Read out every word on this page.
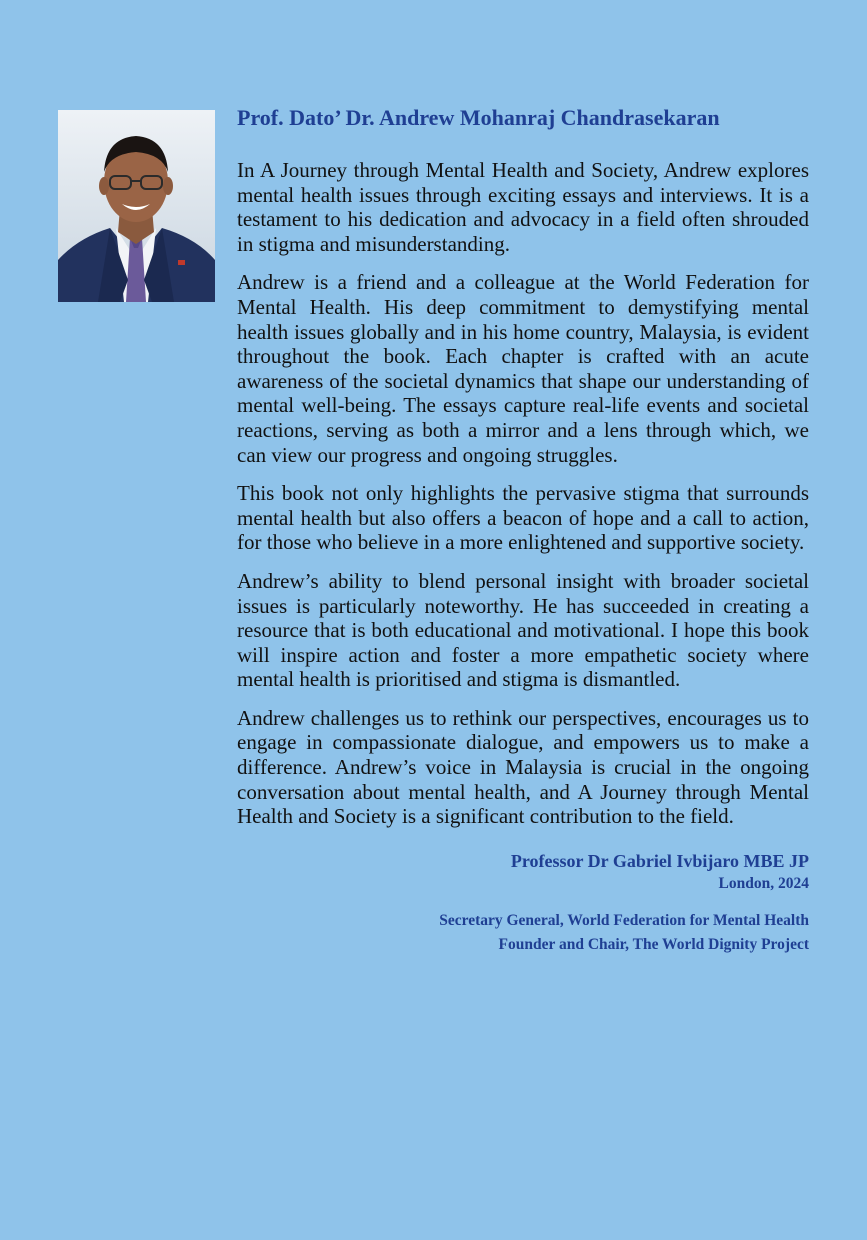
Prof. Dato’ Dr. Andrew Mohanraj Chandrasekaran

In A Journey through Mental Health and Society, Andrew explores mental health issues through exciting essays and interviews. It is a testament to his dedication and advocacy in a field often shrouded in stigma and misunderstanding.

Andrew is a friend and a colleague at the World Federation for Mental Health. His deep commitment to demystifying mental health issues globally and in his home country, Malaysia, is evident throughout the book. Each chapter is crafted with an acute awareness of the societal dynamics that shape our understanding of mental well-being. The essays capture real-life events and societal reactions, serving as both a mirror and a lens through which, we can view our progress and ongoing struggles.

This book not only highlights the pervasive stigma that surrounds mental health but also offers a beacon of hope and a call to action, for those who believe in a more enlightened and supportive society.

Andrew’s ability to blend personal insight with broader societal issues is particularly noteworthy. He has succeeded in creating a resource that is both educational and motivational. I hope this book will inspire action and foster a more empathetic society where mental health is prioritised and stigma is dismantled.

Andrew challenges us to rethink our perspectives, encourages us to engage in compassionate dialogue, and empowers us to make a difference. Andrew’s voice in Malaysia is crucial in the ongoing conversation about mental health, and A Journey through Mental Health and Society is a significant contribution to the field.

Professor Dr Gabriel Ivbijaro MBE JP
London, 2024
Secretary General, World Federation for Mental Health
Founder and Chair, The World Dignity Project
